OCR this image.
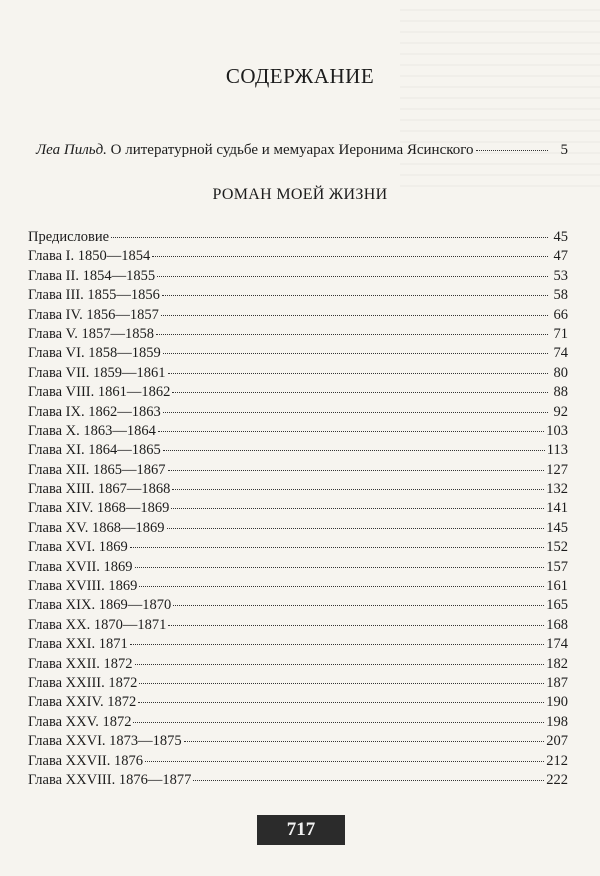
СОДЕРЖАНИЕ
Леа Пильд.
О литературной судьбе и мемуарах Иеронима Ясинского	5
РОМАН МОЕЙ ЖИЗНИ
Предисловие	45
Глава I. 1850—1854	47
Глава II. 1854—1855	53
Глава III. 1855—1856	58
Глава IV. 1856—1857	66
Глава V. 1857—1858	71
Глава VI. 1858—1859	74
Глава VII. 1859—1861	80
Глава VIII. 1861—1862	88
Глава IX. 1862—1863	92
Глава X. 1863—1864	103
Глава XI. 1864—1865	113
Глава XII. 1865—1867	127
Глава XIII. 1867—1868	132
Глава XIV. 1868—1869	141
Глава XV. 1868—1869	145
Глава XVI. 1869	152
Глава XVII. 1869	157
Глава XVIII. 1869	161
Глава XIX. 1869—1870	165
Глава XX. 1870—1871	168
Глава XXI. 1871	174
Глава XXII. 1872	182
Глава XXIII. 1872	187
Глава XXIV. 1872	190
Глава XXV. 1872	198
Глава XXVI. 1873—1875	207
Глава XXVII. 1876	212
Глава XXVIII. 1876—1877	222
717
